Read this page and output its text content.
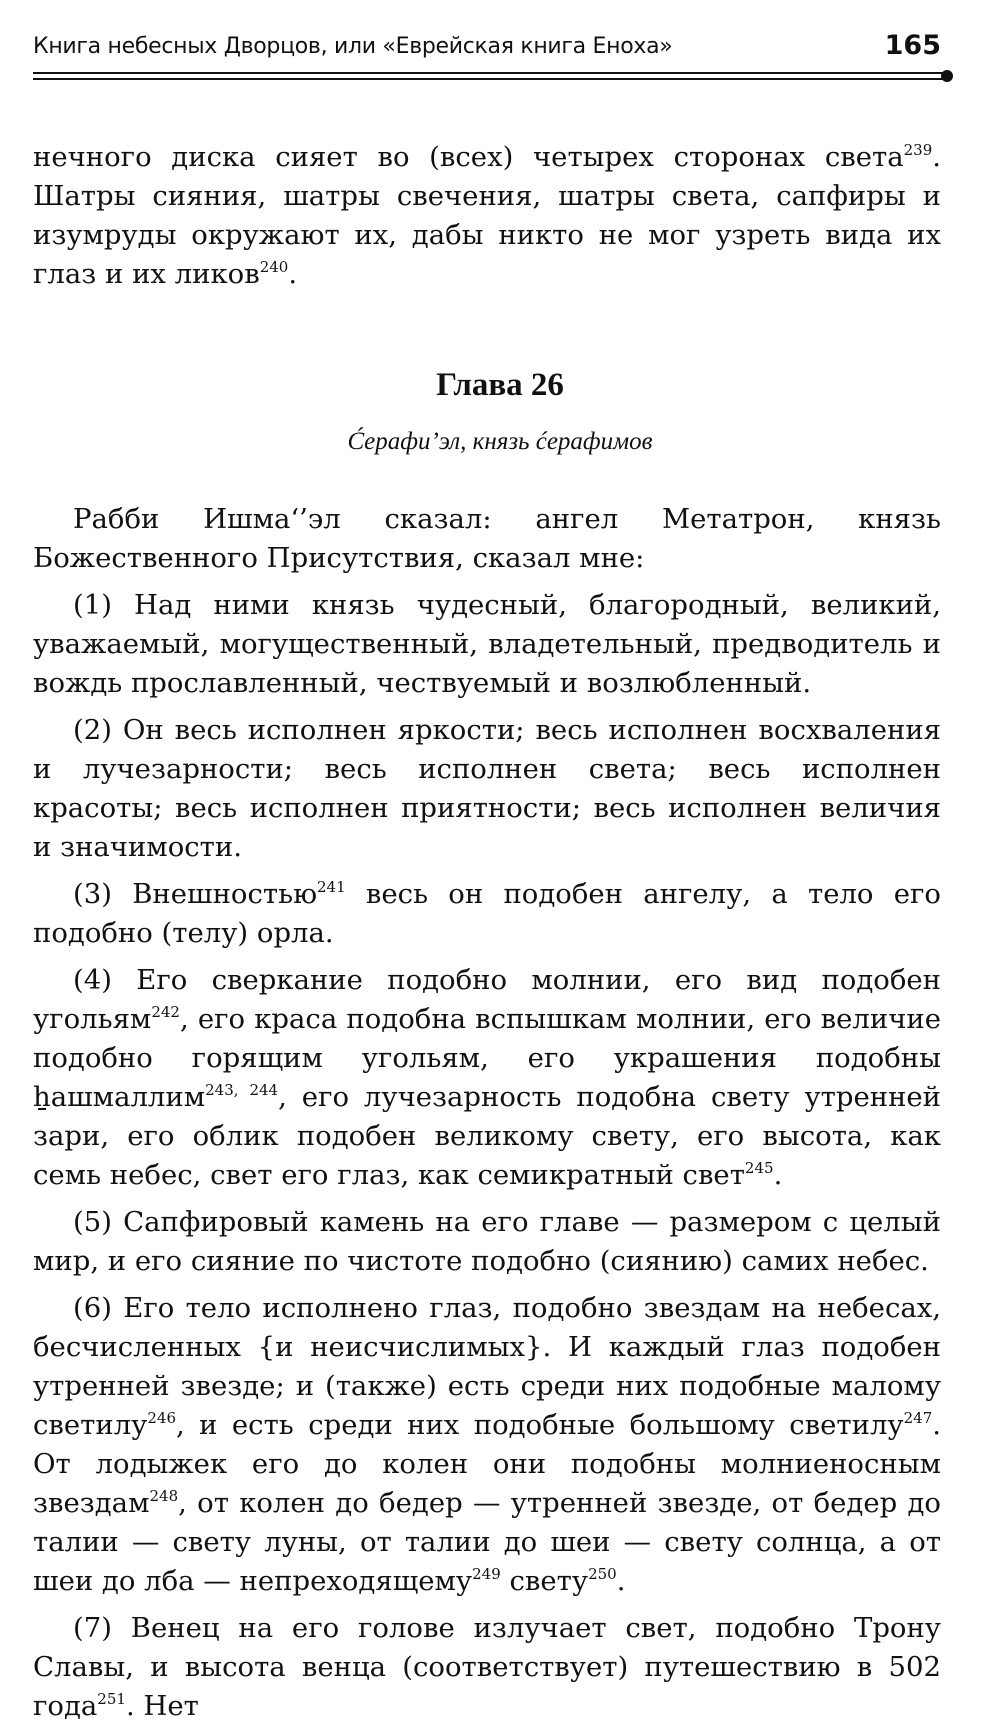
Книга небесных Дворцов, или «Еврейская книга Еноха»	165

нечного диска сияет во (всех) четырех сторонах света$^{239}$. Шатры сияния, шатры свечения, шатры света, сапфиры и изумруды окружают их, дабы никто не мог узреть вида их глаз и их ликов$^{240}$.

Глава 26
Ćерафи’эл, князь ćерафимов

Рабби Ишма‘’эл сказал: ангел Метатрон, князь Божественного Присутствия, сказал мне:

(1) Над ними князь чудесный, благородный, великий, уважаемый, могущественный, владетельный, предводитель и вождь прославленный, чествуемый и возлюбленный.

(2) Он весь исполнен яркости; весь исполнен восхваления и лучезарности; весь исполнен света; весь исполнен красоты; весь исполнен приятности; весь исполнен величия и значимости.

(3) Внешностью$^{241}$ весь он подобен ангелу, а тело его подобно (телу) орла.

(4) Его сверкание подобно молнии, его вид подобен угольям$^{242}$, его краса подобна вспышкам молнии, его величие подобно горящим угольям, его украшения подобны ẖашмаллим$^{243, 244}$, его лучезарность подобна свету утренней зари, его облик подобен великому свету, его высота, как семь небес, свет его глаз, как семикратный свет$^{245}$.

(5) Сапфировый камень на его главе — размером с целый мир, и его сияние по чистоте подобно (сиянию) самих небес.

(6) Его тело исполнено глаз, подобно звездам на небесах, бесчисленных {и неисчислимых}. И каждый глаз подобен утренней звезде; и (также) есть среди них подобные малому светилу$^{246}$, и есть среди них подобные большому светилу$^{247}$. От лодыжек его до колен они подобны молниеносным звездам$^{248}$, от колен до бедер — утренней звезде, от бедер до талии — свету луны, от талии до шеи — свету солнца, а от шеи до лба — непреходящему$^{249}$ свету$^{250}$.

(7) Венец на его голове излучает свет, подобно Трону Славы, и высота венца (соответствует) путешествию в 502 года$^{251}$. Нет
